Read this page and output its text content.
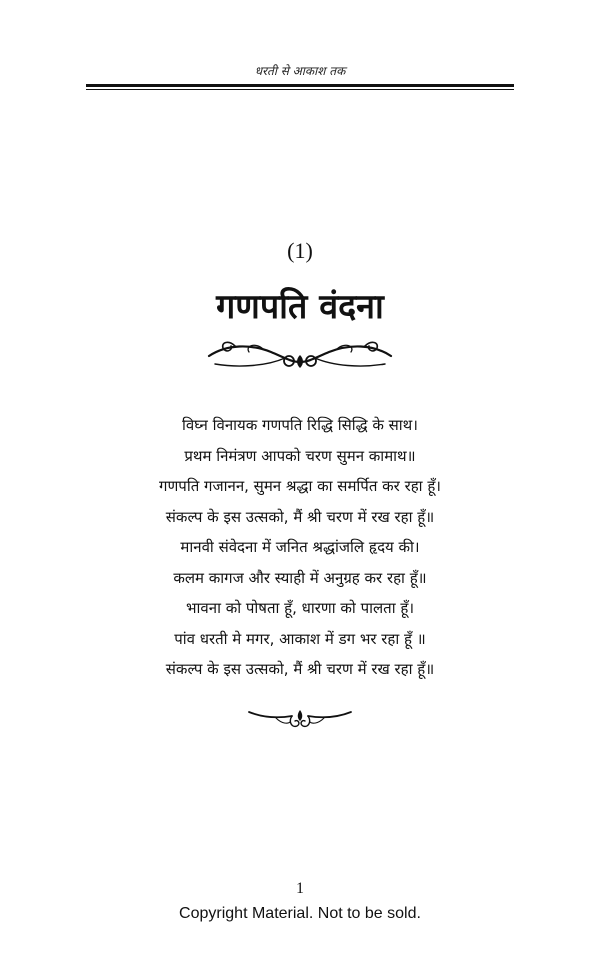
धरती से आकाश तक
(1)
गणपति वंदना
विघ्न विनायक गणपति रिद्धि सिद्धि के साथ।
प्रथम निमंत्रण आपको चरण सुमन कामाथ॥
गणपति गजानन, सुमन श्रद्धा का समर्पित कर रहा हूँ।
संकल्प के इस उत्सको, मैं श्री चरण में रख रहा हूँ॥
मानवी संवेदना में जनित श्रद्धांजलि हृदय की।
कलम कागज और स्याही में अनुग्रह कर रहा हूँ॥
भावना को पोषता हूँ, धारणा को पालता हूँ।
पांव धरती मे मगर, आकाश में डग भर रहा हूँ ॥
संकल्प के इस उत्सको, मैं श्री चरण में रख रहा हूँ॥
1
Copyright Material. Not to be sold.
